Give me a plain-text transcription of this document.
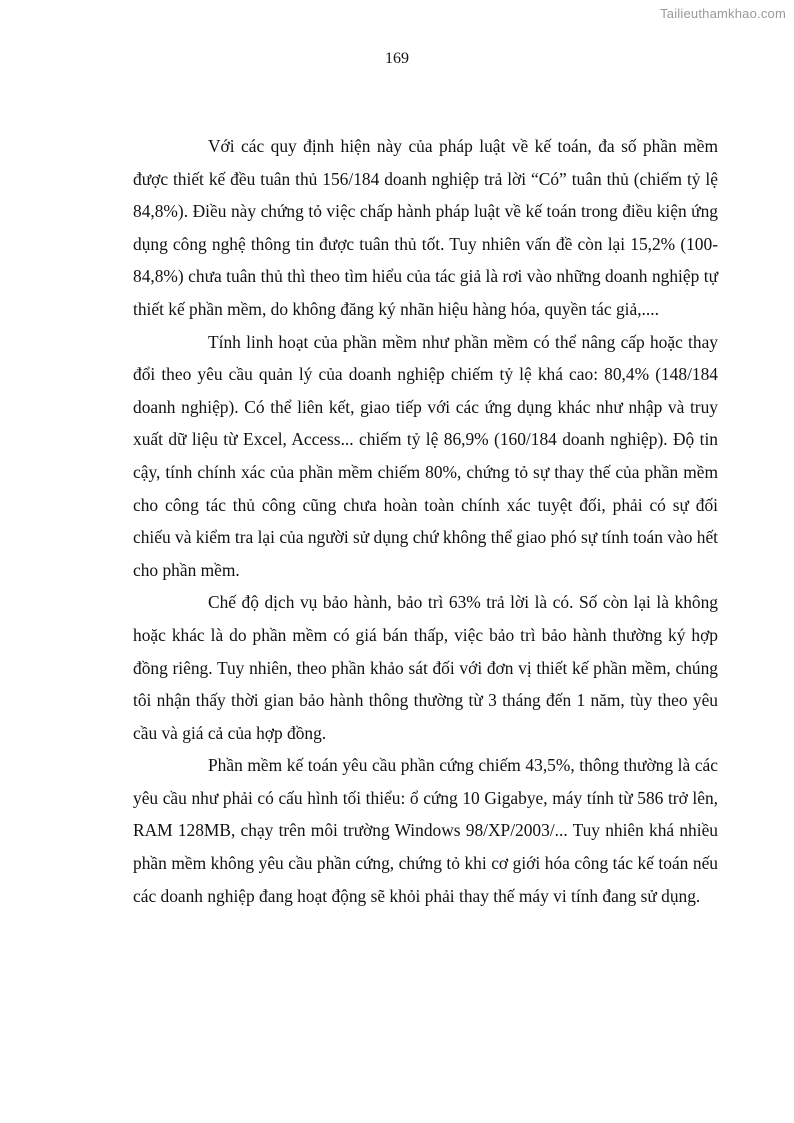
Tailieuthamkhao.com
169

Với các quy định hiện này của pháp luật về kế toán, đa số phần mềm được thiết kế đều tuân thủ 156/184 doanh nghiệp trả lời “Có” tuân thủ (chiếm tỷ lệ 84,8%). Điều này chứng tỏ việc chấp hành pháp luật về kế toán trong điều kiện ứng dụng công nghệ thông tin được tuân thủ tốt. Tuy nhiên vấn đề còn lại 15,2% (100-84,8%) chưa tuân thủ thì theo tìm hiểu của tác giả là rơi vào những doanh nghiệp tự thiết kế phần mềm, do không đăng ký nhãn hiệu hàng hóa, quyền tác giả,....

Tính linh hoạt của phần mềm như phần mềm có thể nâng cấp hoặc thay đổi theo yêu cầu quản lý của doanh nghiệp chiếm tỷ lệ khá cao: 80,4% (148/184 doanh nghiệp). Có thể liên kết, giao tiếp với các ứng dụng khác như nhập và truy xuất dữ liệu từ Excel, Access... chiếm tỷ lệ 86,9% (160/184 doanh nghiệp). Độ tin cậy, tính chính xác của phần mềm chiếm 80%, chứng tỏ sự thay thế của phần mềm cho công tác thủ công cũng chưa hoàn toàn chính xác tuyệt đối, phải có sự đối chiếu và kiểm tra lại của người sử dụng chứ không thể giao phó sự tính toán vào hết cho phần mềm.

Chế độ dịch vụ bảo hành, bảo trì 63% trả lời là có. Số còn lại là không hoặc khác là do phần mềm có giá bán thấp, việc bảo trì bảo hành thường ký hợp đồng riêng. Tuy nhiên, theo phần khảo sát đối với đơn vị thiết kế phần mềm, chúng tôi nhận thấy thời gian bảo hành thông thường từ 3 tháng đến 1 năm, tùy theo yêu cầu và giá cả của hợp đồng.

Phần mềm kế toán yêu cầu phần cứng chiếm 43,5%, thông thường là các yêu cầu như phải có cấu hình tối thiểu: ổ cứng 10 Gigabye, máy tính từ 586 trở lên, RAM 128MB, chạy trên môi trường Windows 98/XP/2003/... Tuy nhiên khá nhiều phần mềm không yêu cầu phần cứng, chứng tỏ khi cơ giới hóa công tác kế toán nếu các doanh nghiệp đang hoạt động sẽ khỏi phải thay thế máy vi tính đang sử dụng.
